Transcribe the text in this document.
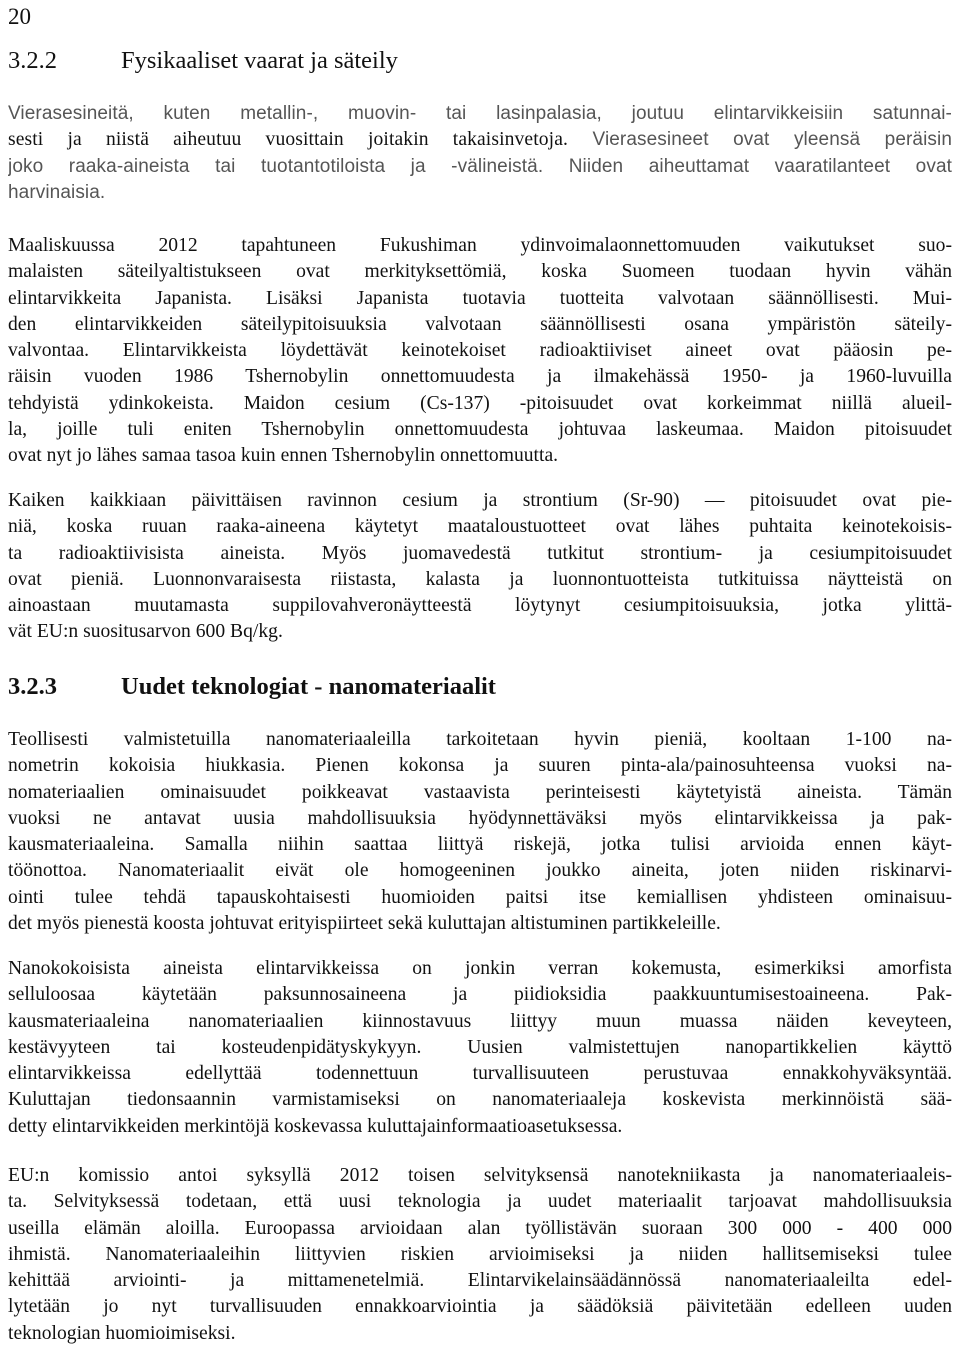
20
3.2.2	Fysikaaliset vaarat ja säteily
Vierasesineitä, kuten metallin-, muovin- tai lasinpalasia, joutuu elintarvikkeisiin satunnai-
sesti ja niistä aiheutuu vuosittain joitakin takaisinvetoja. Vierasesineet ovat yleensä peräisin
joko raaka-aineista tai tuotantotiloista ja -välineistä. Niiden aiheuttamat vaaratilanteet ovat
harvinaisia.
Maaliskuussa 2012 tapahtuneen Fukushiman ydinvoimalaonnettomuuden vaikutukset suo-
malaisten säteilyaltistukseen ovat merkityksettömiä, koska Suomeen tuodaan hyvin vähän
elintarvikkeita Japanista. Lisäksi Japanista tuotavia tuotteita valvotaan säännöllisesti. Mui-
den elintarvikkeiden säteilypitoisuuksia valvotaan säännöllisesti osana ympäristön säteily-
valvontaa. Elintarvikkeista löydettävät keinotekoiset radioaktiiviset aineet ovat pääosin pe-
räisin vuoden 1986 Tshernobylin onnettomuudesta ja ilmakehässä 1950- ja 1960-luvuilla
tehdyistä ydinkokeista. Maidon cesium (Cs-137) -pitoisuudet ovat korkeimmat niillä alueil-
la, joille tuli eniten Tshernobylin onnettomuudesta johtuvaa laskeumaa. Maidon pitoisuudet
ovat nyt jo lähes samaa tasoa kuin ennen Tshernobylin onnettomuutta.
Kaiken kaikkiaan päivittäisen ravinnon cesium ja strontium (Sr-90) — pitoisuudet ovat pie-
niä, koska ruuan raaka-aineena käytetyt maataloustuotteet ovat lähes puhtaita keinotekoisis-
ta radioaktiivisista aineista. Myös juomavedestä tutkitut strontium- ja cesiumpitoisuudet
ovat pieniä. Luonnonvaraisesta riistasta, kalasta ja luonnontuotteista tutkituissa näytteistä on
ainoastaan muutamasta suppilovahveronäytteestä löytynyt cesiumpitoisuuksia, jotka ylittä-
vät EU:n suositusarvon 600 Bq/kg.
3.2.3	Uudet teknologiat - nanomateriaalit
Teollisesti valmistetuilla nanomateriaaleilla tarkoitetaan hyvin pieniä, kooltaan 1-100 na-
nometrin kokoisia hiukkasia. Pienen kokonsa ja suuren pinta-ala/painosuhteensa vuoksi na-
nomateriaalien ominaisuudet poikkeavat vastaavista perinteisesti käytetyistä aineista. Tämän
vuoksi ne antavat uusia mahdollisuuksia hyödynnettäväksi myös elintarvikkeissa ja pak-
kausmateriaaleina. Samalla niihin saattaa liittyä riskejä, jotka tulisi arvioida ennen käyt-
töönottoa. Nanomateriaalit eivät ole homogeeninen joukko aineita, joten niiden riskinarvi-
ointi tulee tehdä tapauskohtaisesti huomioiden paitsi itse kemiallisen yhdisteen ominaisuu-
det myös pienestä koosta johtuvat erityispiirteet sekä kuluttajan altistuminen partikkeleille.
Nanokokoisista aineista elintarvikkeissa on jonkin verran kokemusta, esimerkiksi amorfista
selluloosaa käytetään paksunnosaineena ja piidioksidia paakkuuntumisestoaineena. Pak-
kausmateriaaleina nanomateriaalien kiinnostavuus liittyy muun muassa näiden keveyteen,
kestävyyteen tai kosteudenpidätyskykyyn. Uusien valmistettujen nanopartikkelien käyttö
elintarvikkeissa edellyttää todennettuun turvallisuuteen perustuvaa ennakkohyväksyntää.
Kuluttajan tiedonsaannin varmistamiseksi on nanomateriaaleja koskevista merkinnöistä sää-
detty elintarvikkeiden merkintöjä koskevassa kuluttajainformaatioasetuksessa.
EU:n komissio antoi syksyllä 2012 toisen selvityksensä nanotekniikasta ja nanomateriaaleis-
ta. Selvityksessä todetaan, että uusi teknologia ja uudet materiaalit tarjoavat mahdollisuuksia
useilla elämän aloilla. Euroopassa arvioidaan alan työllistävän suoraan 300 000 - 400 000
ihmistä. Nanomateriaaleihin liittyvien riskien arvioimiseksi ja niiden hallitsemiseksi tulee
kehittää arviointi- ja mittamenetelmiä. Elintarvikelainsäädännössä nanomateriaaleilta edel-
lytetään jo nyt turvallisuuden ennakkoarviointia ja säädöksiä päivitetään edelleen uuden
teknologian huomioimiseksi.
